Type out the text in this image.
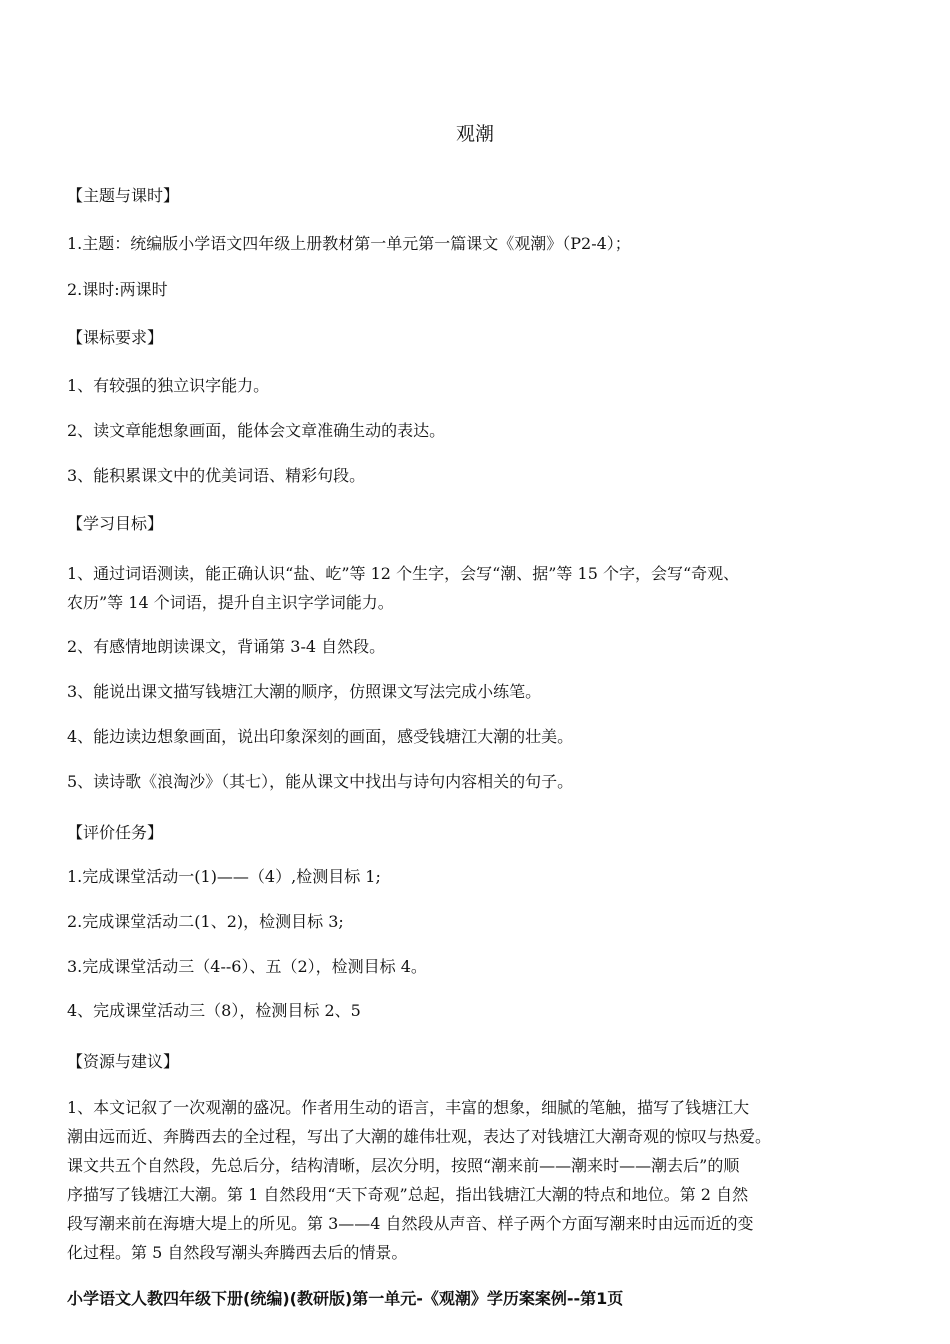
观潮
【主题与课时】
1.主题：统编版小学语文四年级上册教材第一单元第一篇课文《观潮》（P2-4）；
2.课时:两课时
【课标要求】
1、有较强的独立识字能力。
2、读文章能想象画面，能体会文章准确生动的表达。
3、能积累课文中的优美词语、精彩句段。
【学习目标】
1、通过词语测读，能正确认识“盐、屹”等 12 个生字，会写“潮、据”等 15 个字，会写“奇观、
农历”等 14 个词语，提升自主识字学词能力。
2、有感情地朗读课文，背诵第 3-4 自然段。
3、能说出课文描写钱塘江大潮的顺序，仿照课文写法完成小练笔。
4、能边读边想象画面，说出印象深刻的画面，感受钱塘江大潮的壮美。
5、读诗歌《浪淘沙》（其七），能从课文中找出与诗句内容相关的句子。
【评价任务】
1.完成课堂活动一(1)——（4）,检测目标 1;
2.完成课堂活动二(1、2)，检测目标 3;
3.完成课堂活动三（4--6）、五（2），检测目标 4。
4、完成课堂活动三（8），检测目标 2、5
【资源与建议】
1、本文记叙了一次观潮的盛况。作者用生动的语言，丰富的想象，细腻的笔触，描写了钱塘江大
潮由远而近、奔腾西去的全过程，写出了大潮的雄伟壮观，表达了对钱塘江大潮奇观的惊叹与热爱。
课文共五个自然段，先总后分，结构清晰，层次分明，按照“潮来前——潮来时——潮去后”的顺
序描写了钱塘江大潮。第 1 自然段用“天下奇观”总起，指出钱塘江大潮的特点和地位。第 2 自然
段写潮来前在海塘大堤上的所见。第 3——4 自然段从声音、样子两个方面写潮来时由远而近的变
化过程。第 5 自然段写潮头奔腾西去后的情景。
小学语文人教四年级下册(统编)(教研版)第一单元-《观潮》学历案案例--第1页
